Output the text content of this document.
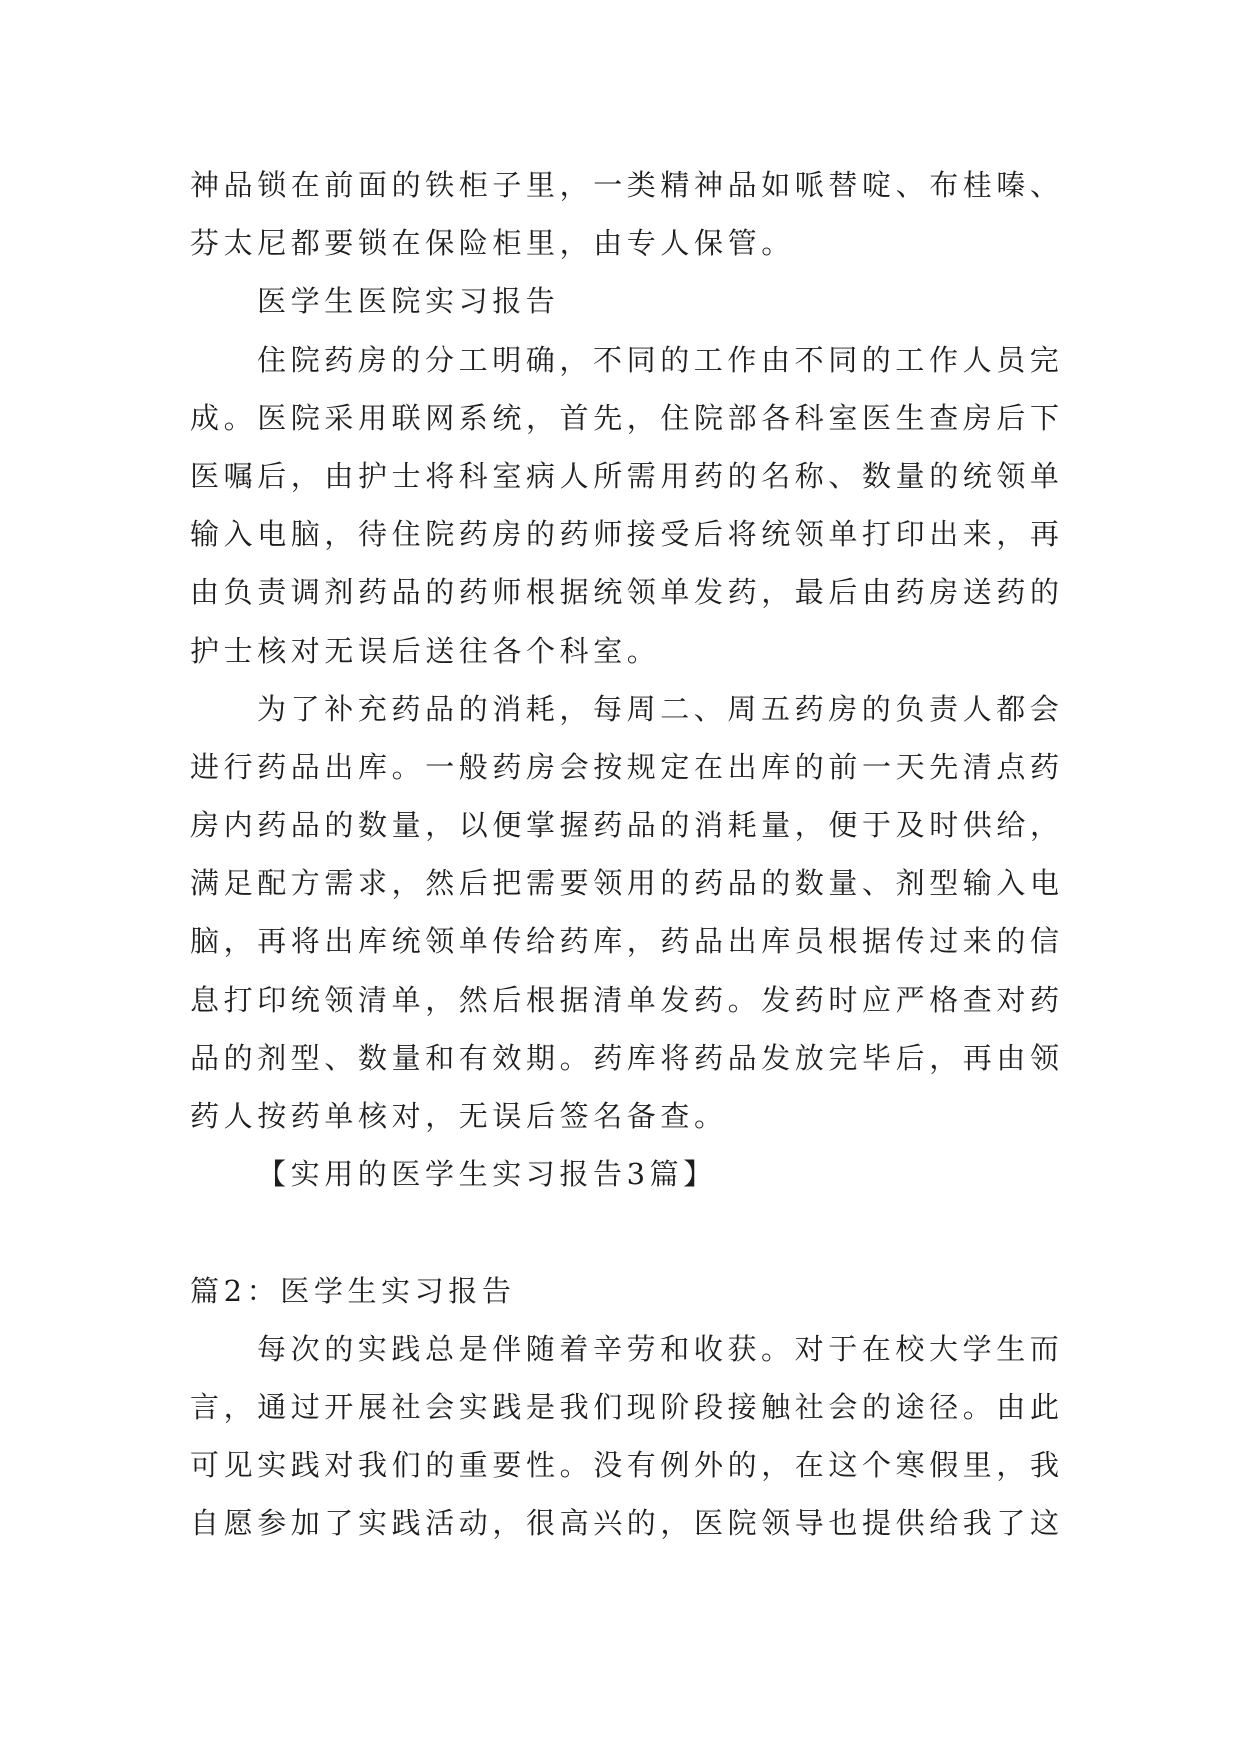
神品锁在前面的铁柜子里，一类精神品如哌替啶、布桂嗪、
芬太尼都要锁在保险柜里，由专人保管。
医学生医院实习报告
住院药房的分工明确，不同的工作由不同的工作人员完
成。医院采用联网系统，首先，住院部各科室医生查房后下
医嘱后，由护士将科室病人所需用药的名称、数量的统领单
输入电脑，待住院药房的药师接受后将统领单打印出来，再
由负责调剂药品的药师根据统领单发药，最后由药房送药的
护士核对无误后送往各个科室。
为了补充药品的消耗，每周二、周五药房的负责人都会
进行药品出库。一般药房会按规定在出库的前一天先清点药
房内药品的数量，以便掌握药品的消耗量，便于及时供给，
满足配方需求，然后把需要领用的药品的数量、剂型输入电
脑，再将出库统领单传给药库，药品出库员根据传过来的信
息打印统领清单，然后根据清单发药。发药时应严格查对药
品的剂型、数量和有效期。药库将药品发放完毕后，再由领
药人按药单核对，无误后签名备查。
【实用的医学生实习报告3篇】
篇2：医学生实习报告
每次的实践总是伴随着辛劳和收获。对于在校大学生而
言，通过开展社会实践是我们现阶段接触社会的途径。由此
可见实践对我们的重要性。没有例外的，在这个寒假里，我
自愿参加了实践活动，很高兴的，医院领导也提供给我了这
